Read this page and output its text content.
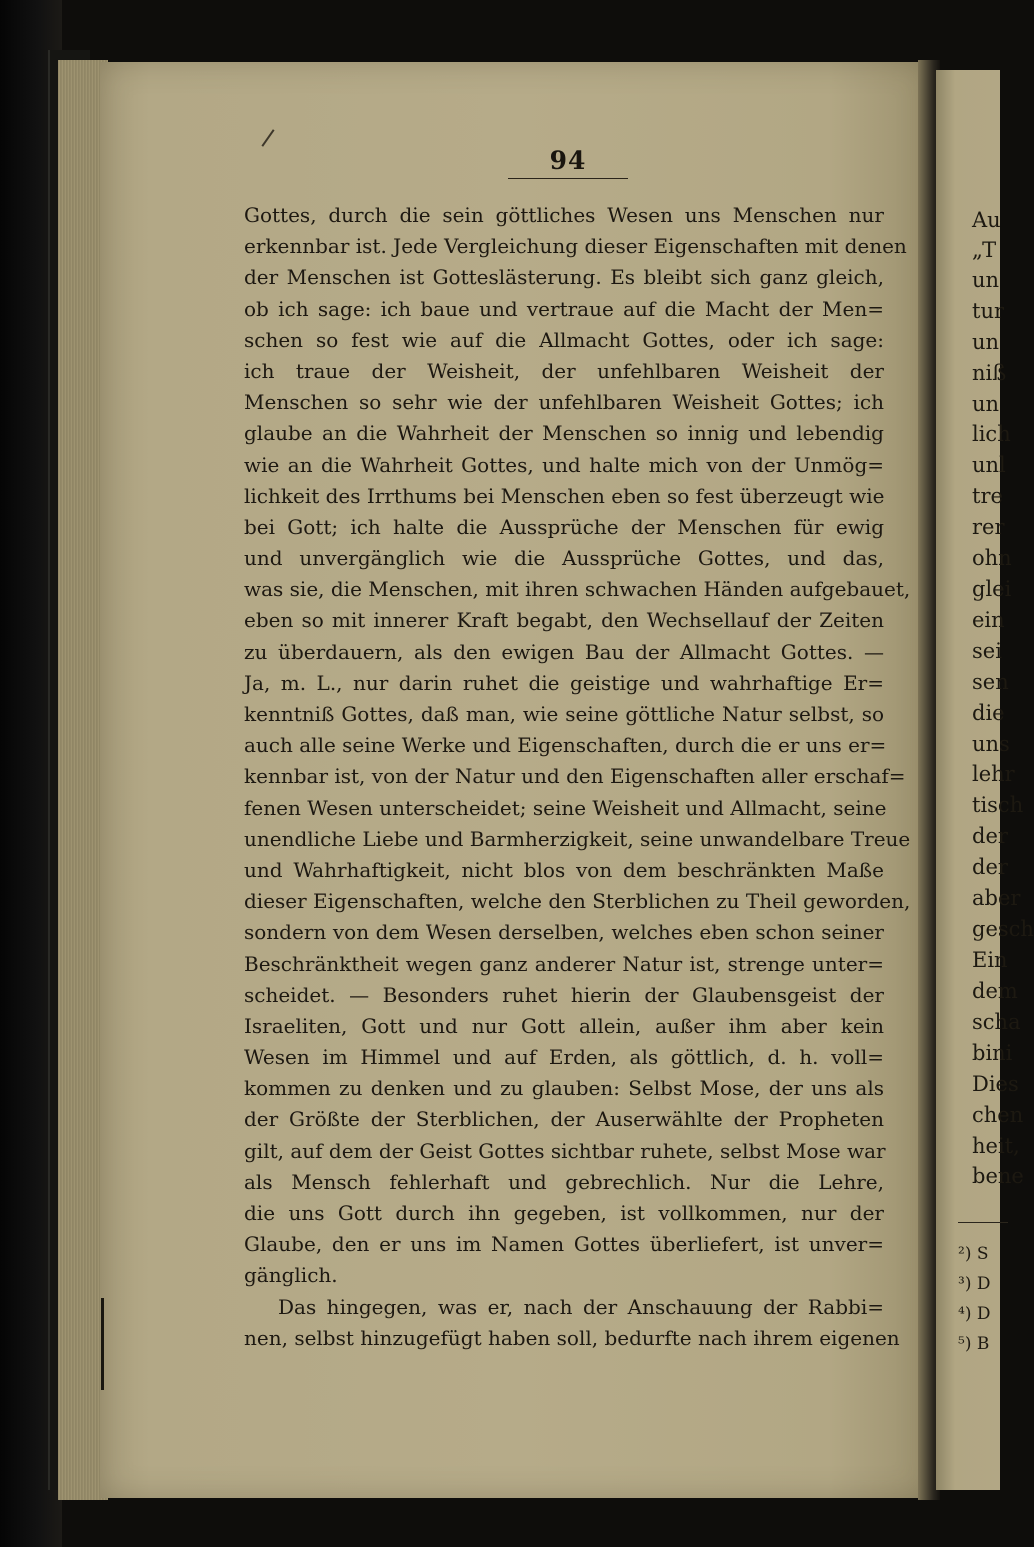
94
Gottes, durch die sein göttliches Wesen uns Menschen nur
erkennbar ist. Jede Vergleichung dieser Eigenschaften mit denen
der Menschen ist Gotteslästerung. Es bleibt sich ganz gleich,
ob ich sage: ich baue und vertraue auf die Macht der Men=
schen so fest wie auf die Allmacht Gottes, oder ich sage:
ich traue der Weisheit, der unfehlbaren Weisheit der
Menschen so sehr wie der unfehlbaren Weisheit Gottes; ich
glaube an die Wahrheit der Menschen so innig und lebendig
wie an die Wahrheit Gottes, und halte mich von der Unmög=
lichkeit des Irrthums bei Menschen eben so fest überzeugt wie
bei Gott; ich halte die Aussprüche der Menschen für ewig
und unvergänglich wie die Aussprüche Gottes, und das,
was sie, die Menschen, mit ihren schwachen Händen aufgebauet,
eben so mit innerer Kraft begabt, den Wechsellauf der Zeiten
zu überdauern, als den ewigen Bau der Allmacht Gottes. —
Ja, m. L., nur darin ruhet die geistige und wahrhaftige Er=
kenntniß Gottes, daß man, wie seine göttliche Natur selbst, so
auch alle seine Werke und Eigenschaften, durch die er uns er=
kennbar ist, von der Natur und den Eigenschaften aller erschaf=
fenen Wesen unterscheidet; seine Weisheit und Allmacht, seine
unendliche Liebe und Barmherzigkeit, seine unwandelbare Treue
und Wahrhaftigkeit, nicht blos von dem beschränkten Maße
dieser Eigenschaften, welche den Sterblichen zu Theil geworden,
sondern von dem Wesen derselben, welches eben schon seiner
Beschränktheit wegen ganz anderer Natur ist, strenge unter=
scheidet. — Besonders ruhet hierin der Glaubensgeist der
Israeliten, Gott und nur Gott allein, außer ihm aber kein
Wesen im Himmel und auf Erden, als göttlich, d. h. voll=
kommen zu denken und zu glauben: Selbst Mose, der uns als
der Größte der Sterblichen, der Auserwählte der Propheten
gilt, auf dem der Geist Gottes sichtbar ruhete, selbst Mose war
als Mensch fehlerhaft und gebrechlich. Nur die Lehre,
die uns Gott durch ihn gegeben, ist vollkommen, nur der
Glaube, den er uns im Namen Gottes überliefert, ist unver=
gänglich.
Das hingegen, was er, nach der Anschauung der Rabbi=
nen, selbst hinzugefügt haben soll, bedurfte nach ihrem eigenen
Au
„T
un
tur
un
niß
un
lich
unl
tre
rer
ohn
glei
ein
sei
sen
die
uns
lehr
tisch
der
der
aber
gesch
Ein
dem
scha
bini
Dies
chen
heit,
bene
²) S
³) D
⁴) D
⁵) B
